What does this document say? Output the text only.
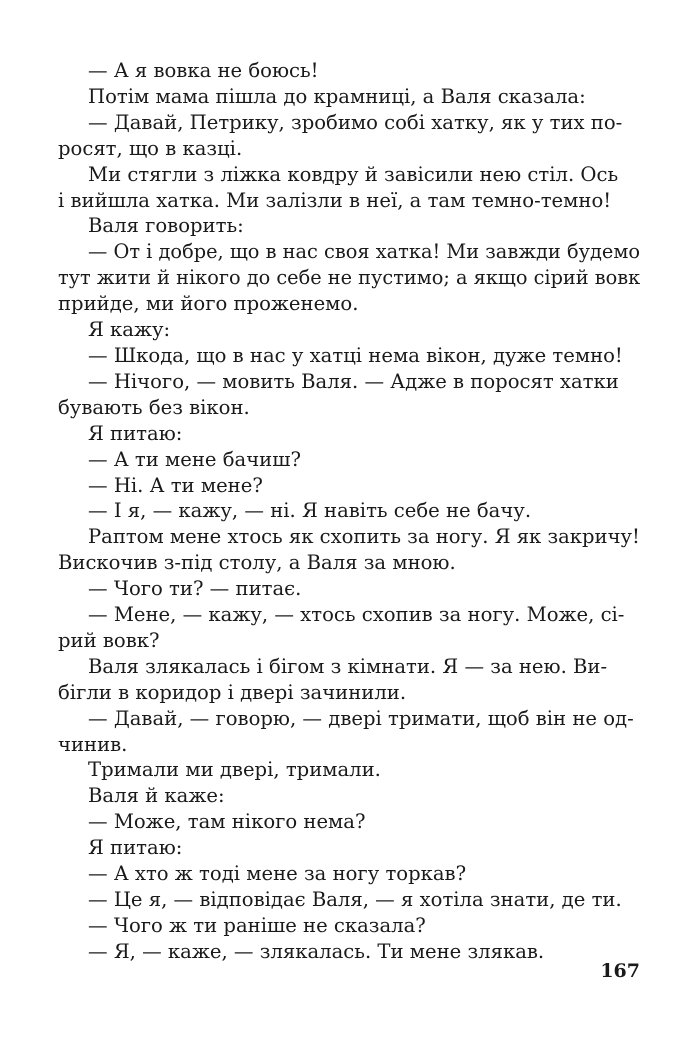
— А я вовка не боюсь!
Потім мама пішла до крамниці, а Валя сказала:
— Давай, Петрику, зробимо собі хатку, як у тих по-
росят, що в казці.
Ми стягли з ліжка ковдру й завісили нею стіл. Ось
і вийшла хатка. Ми залізли в неї, а там темно-темно!
Валя говорить:
— От і добре, що в нас своя хатка! Ми завжди будемо
тут жити й нікого до себе не пустимо; а якщо сірий вовк
прийде, ми його проженемо.
Я кажу:
— Шкода, що в нас у хатці нема вікон, дуже темно!
— Нічого, — мовить Валя. — Адже в поросят хатки
бувають без вікон.
Я питаю:
— А ти мене бачиш?
— Ні. А ти мене?
— І я, — кажу, — ні. Я навіть себе не бачу.
Раптом мене хтось як схопить за ногу. Я як закричу!
Вискочив з-під столу, а Валя за мною.
— Чого ти? — питає.
— Мене, — кажу, — хтось схопив за ногу. Може, сі-
рий вовк?
Валя злякалась і бігом з кімнати. Я — за нею. Ви-
бігли в коридор і двері зачинили.
— Давай, — говорю, — двері тримати, щоб він не од-
чинив.
Тримали ми двері, тримали.
Валя й каже:
— Може, там нікого нема?
Я питаю:
— А хто ж тоді мене за ногу торкав?
— Це я, — відповідає Валя, — я хотіла знати, де ти.
— Чого ж ти раніше не сказала?
— Я, — каже, — злякалась. Ти мене злякав.
167
